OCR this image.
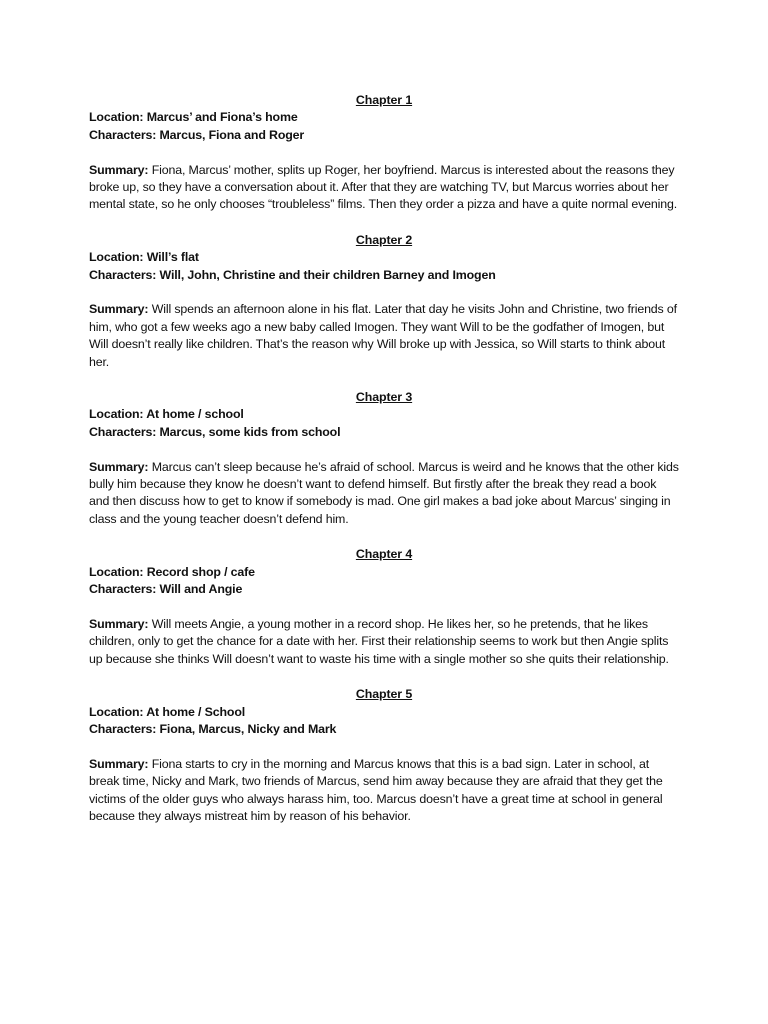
Chapter 1

Location: Marcus’ and Fiona’s home

Characters: Marcus, Fiona and Roger

Summary: Fiona, Marcus’ mother, splits up Roger, her boyfriend. Marcus is interested about the reasons they broke up, so they have a conversation about it. After that they are watching TV, but Marcus worries about her mental state, so he only chooses “troubleless” films. Then they order a pizza and have a quite normal evening.

Chapter 2

Location: Will’s flat

Characters: Will, John, Christine and their children Barney and Imogen

Summary: Will spends an afternoon alone in his flat. Later that day he visits John and Christine, two friends of him, who got a few weeks ago a new baby called Imogen. They want Will to be the godfather of Imogen, but Will doesn’t really like children. That’s the reason why Will broke up with Jessica, so Will starts to think about her.

Chapter 3

Location: At home / school

Characters: Marcus, some kids from school

Summary: Marcus can’t sleep because he’s afraid of school. Marcus is weird and he knows that the other kids bully him because they know he doesn’t want to defend himself. But firstly after the break they read a book and then discuss how to get to know if somebody is mad. One girl makes a bad joke about Marcus’ singing in class and the young teacher doesn’t defend him.

Chapter 4

Location: Record shop / cafe

Characters: Will and Angie

Summary: Will meets Angie, a young mother in a record shop. He likes her, so he pretends, that he likes children, only to get the chance for a date with her. First their relationship seems to work but then Angie splits up because she thinks Will doesn’t want to waste his time with a single mother so she quits their relationship.

Chapter 5

Location: At home / School

Characters: Fiona, Marcus, Nicky and Mark

Summary: Fiona starts to cry in the morning and Marcus knows that this is a bad sign. Later in school, at break time, Nicky and Mark, two friends of Marcus, send him away because they are afraid that they get the victims of the older guys who always harass him, too. Marcus doesn’t have a great time at school in general because they always mistreat him by reason of his behavior.
